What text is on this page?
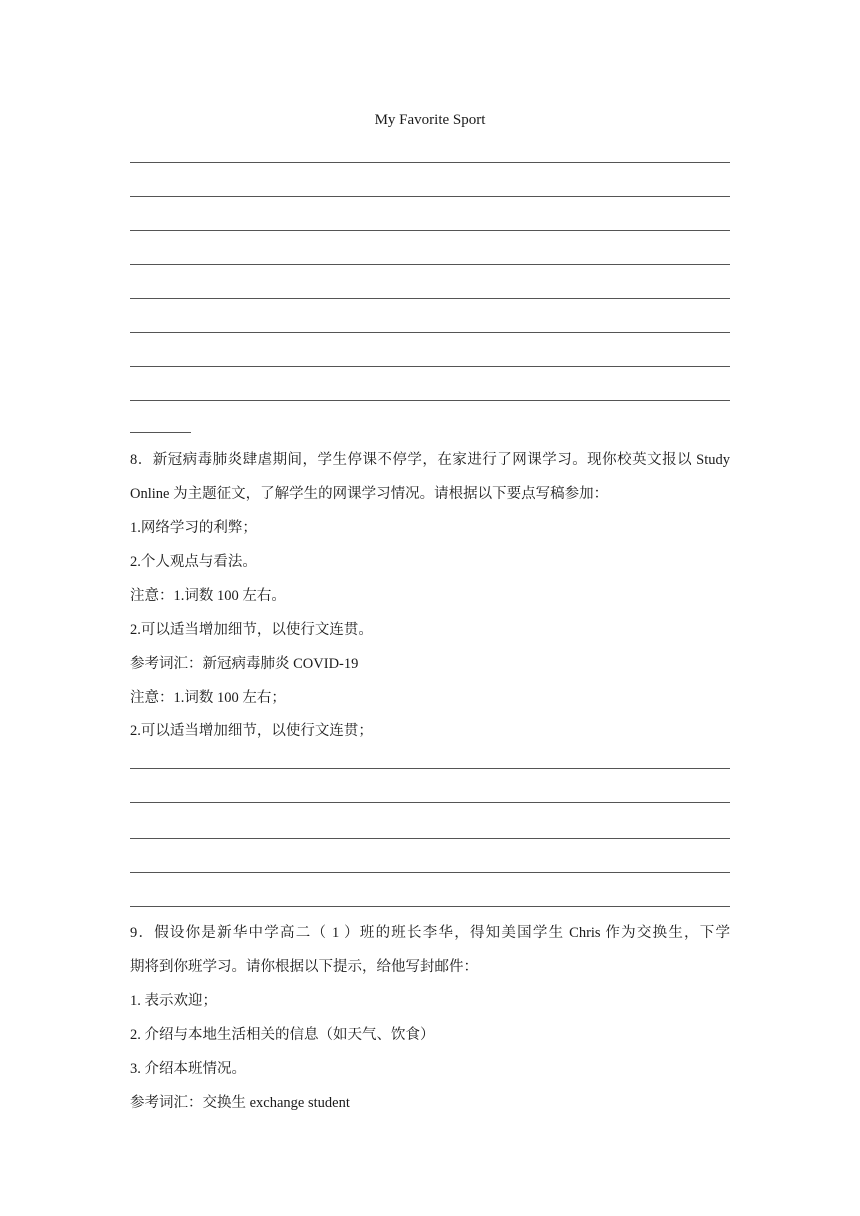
My Favorite Sport
8．新冠病毒肺炎肆虐期间，学生停课不停学，在家进行了网课学习。现你校英文报以 Study
Online 为主题征文，了解学生的网课学习情况。请根据以下要点写稿参加：
1.网络学习的利弊；
2.个人观点与看法。
注意：1.词数 100 左右。
2.可以适当增加细节，以使行文连贯。
参考词汇：新冠病毒肺炎 COVID-19
注意：1.词数 100 左右；
2.可以适当增加细节，以使行文连贯；
9．假设你是新华中学高二（ 1 ）班的班长李华，得知美国学生 Chris 作为交换生，下学
期将到你班学习。请你根据以下提示，给他写封邮件：
1. 表示欢迎；
2. 介绍与本地生活相关的信息（如天气、饮食）
3. 介绍本班情况。
参考词汇：交换生 exchange student
